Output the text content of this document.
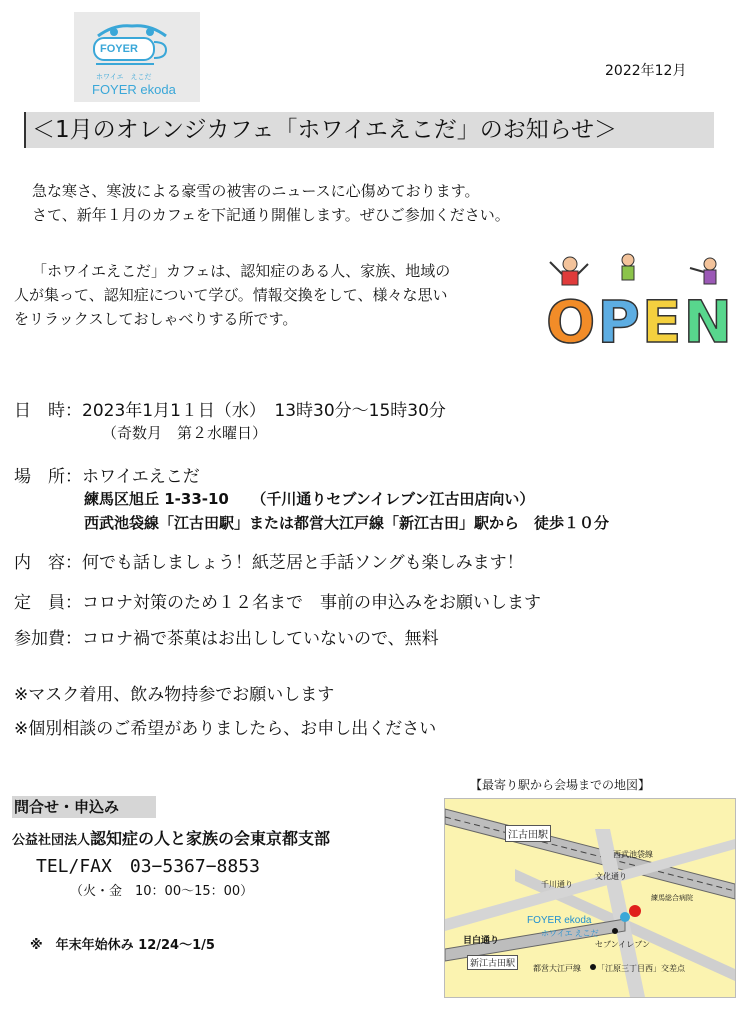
FOYER
ホワイエ　えこだ
FOYER ekoda
2022年12月
＜1月のオレンジカフェ「ホワイエえこだ」のお知らせ＞
急な寒さ、寒波による豪雪の被害のニュースに心傷めております。
さて、新年１月のカフェを下記通り開催します。ぜひご参加ください。
「ホワイエえこだ」カフェは、認知症のある人、家族、地域の
人が集って、認知症について学び。情報交換をして、様々な思い
をリラックスしておしゃべりする所です。	OPEN
日　時：2023年1月1１日（水）　13時30分～15時30分
（奇数月　第２水曜日）
場　所：ホワイエえこだ
練馬区旭丘 1-33-10　　（千川通りセブンイレブン江古田店向い）
西武池袋線「江古田駅」または都営大江戸線「新江古田」駅から　徒歩１０分
内　容：何でも話しましょう！紙芝居と手話ソングも楽しみます！
定　員：コロナ対策のため１２名まで　事前の申込みをお願いします
参加費：コロナ禍で茶菓はお出ししていないので、無料
※マスク着用、飲み物持参でお願いします
※個別相談のご希望がありましたら、お申し出ください
問合せ・申込み
公益社団法人認知症の人と家族の会東京都支部
TEL/FAX　03−5367−8853
（火・金　10：00～15：00）
※　年末年始休み 12/24～1/5
【最寄り駅から会場までの地図】
江古田駅
西武池袋線
文化通り
千川通り
練馬総合病院
FOYER ekoda
ホワイエ えこだ
目白通り	セブンイレブン
新江古田駅
都営大江戸線 「江原三丁目西」交差点
